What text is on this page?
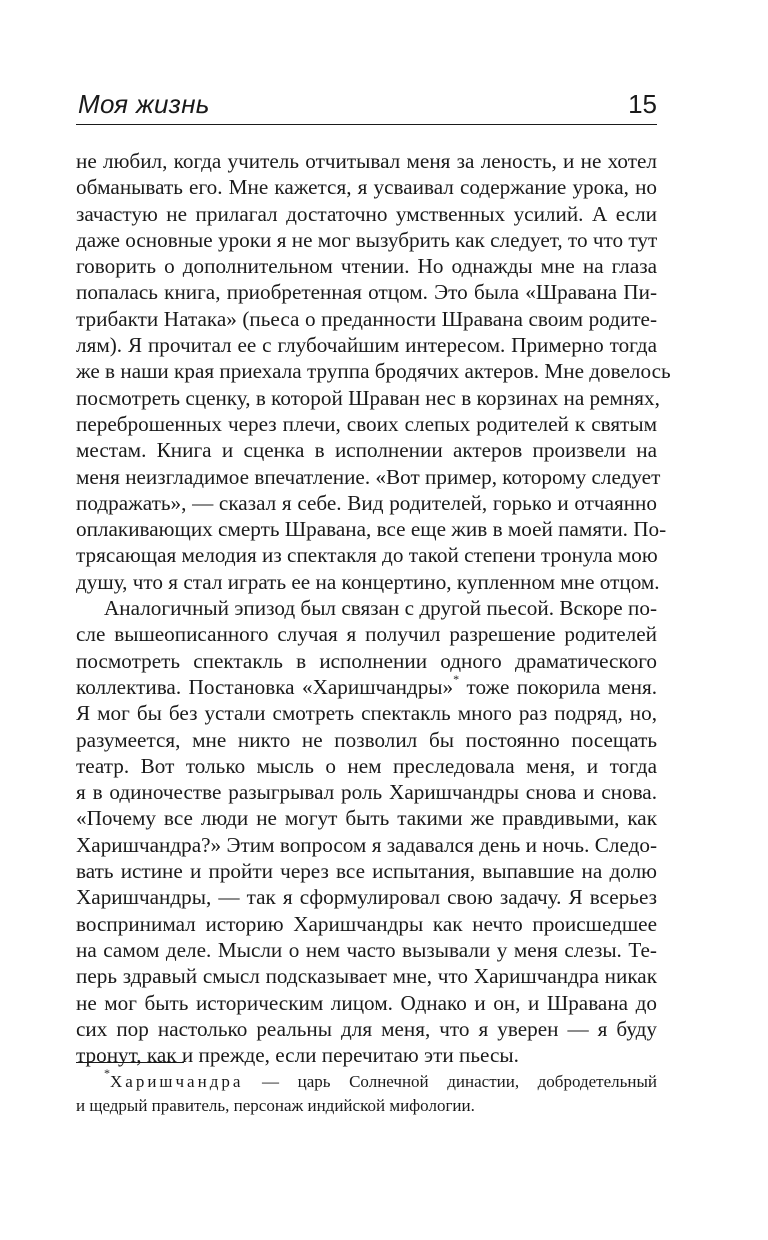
Моя жизнь	15
не любил, когда учитель отчитывал меня за леность, и не хотел
обманывать его. Мне кажется, я усваивал содержание урока, но
зачастую не прилагал достаточно умственных усилий. А если
даже основные уроки я не мог вызубрить как следует, то что тут
говорить о дополнительном чтении. Но однажды мне на глаза
попалась книга, приобретенная отцом. Это была «Шравана Пи-
трибакти Натака» (пьеса о преданности Шравана своим родите-
лям). Я прочитал ее с глубочайшим интересом. Примерно тогда
же в наши края приехала труппа бродячих актеров. Мне довелось
посмотреть сценку, в которой Шраван нес в корзинах на ремнях,
переброшенных через плечи, своих слепых родителей к святым
местам. Книга и сценка в исполнении актеров произвели на
меня неизгладимое впечатление. «Вот пример, которому следует
подражать», — сказал я себе. Вид родителей, горько и отчаянно
оплакивающих смерть Шравана, все еще жив в моей памяти. По-
трясающая мелодия из спектакля до такой степени тронула мою
душу, что я стал играть ее на концертино, купленном мне отцом.
Аналогичный эпизод был связан с другой пьесой. Вскоре по-
сле вышеописанного случая я получил разрешение родителей
посмотреть спектакль в исполнении одного драматического
коллектива. Постановка «Харишчандры»* тоже покорила меня.
Я мог бы без устали смотреть спектакль много раз подряд, но,
разумеется, мне никто не позволил бы постоянно посещать
театр. Вот только мысль о нем преследовала меня, и тогда
я в одиночестве разыгрывал роль Харишчандры снова и снова.
«Почему все люди не могут быть такими же правдивыми, как
Харишчандра?» Этим вопросом я задавался день и ночь. Следо-
вать истине и пройти через все испытания, выпавшие на долю
Харишчандры, — так я сформулировал свою задачу. Я всерьез
воспринимал историю Харишчандры как нечто происшедшее
на самом деле. Мысли о нем часто вызывали у меня слезы. Те-
перь здравый смысл подсказывает мне, что Харишчандра никак
не мог быть историческим лицом. Однако и он, и Шравана до
сих пор настолько реальны для меня, что я уверен — я буду
тронут, как и прежде, если перечитаю эти пьесы.
*Харишчандра — царь Солнечной династии, добродетельный
и щедрый правитель, персонаж индийской мифологии.
